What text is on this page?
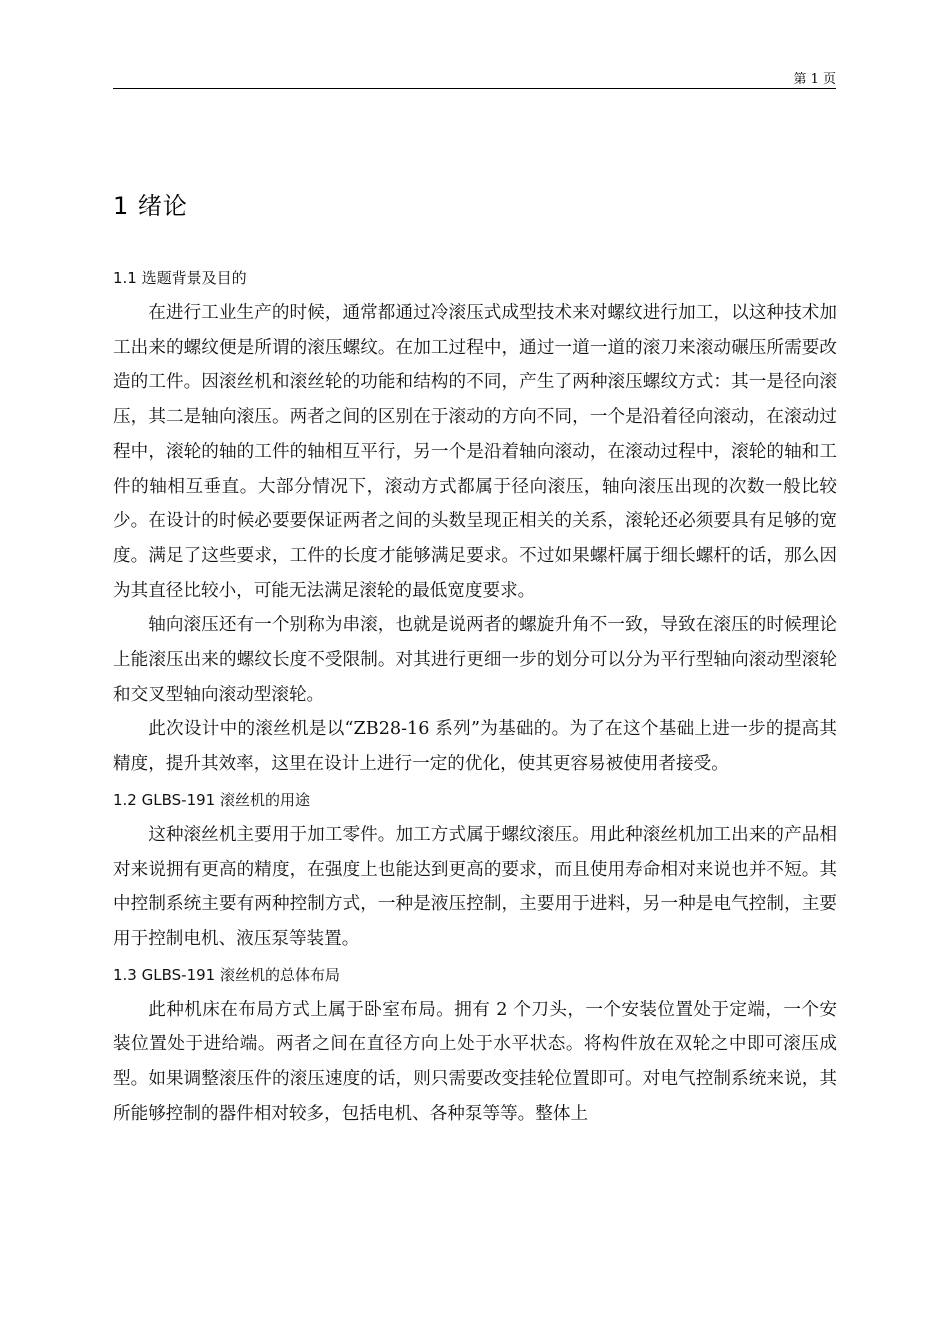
第 1 页
1 绪论
1.1 选题背景及目的

在进行工业生产的时候，通常都通过冷滚压式成型技术来对螺纹进行加工，以这种技术加工出来的螺纹便是所谓的滚压螺纹。在加工过程中，通过一道一道的滚刀来滚动碾压所需要改造的工件。因滚丝机和滚丝轮的功能和结构的不同，产生了两种滚压螺纹方式：其一是径向滚压，其二是轴向滚压。两者之间的区别在于滚动的方向不同，一个是沿着径向滚动，在滚动过程中，滚轮的轴的工件的轴相互平行，另一个是沿着轴向滚动，在滚动过程中，滚轮的轴和工件的轴相互垂直。大部分情况下，滚动方式都属于径向滚压，轴向滚压出现的次数一般比较少。在设计的时候必要要保证两者之间的头数呈现正相关的关系，滚轮还必须要具有足够的宽度。满足了这些要求，工件的长度才能够满足要求。不过如果螺杆属于细长螺杆的话，那么因为其直径比较小，可能无法满足滚轮的最低宽度要求。

轴向滚压还有一个别称为串滚，也就是说两者的螺旋升角不一致，导致在滚压的时候理论上能滚压出来的螺纹长度不受限制。对其进行更细一步的划分可以分为平行型轴向滚动型滚轮和交叉型轴向滚动型滚轮。

此次设计中的滚丝机是以“ZB28-16 系列”为基础的。为了在这个基础上进一步的提高其精度，提升其效率，这里在设计上进行一定的优化，使其更容易被使用者接受。

1.2 GLBS-191 滚丝机的用途

这种滚丝机主要用于加工零件。加工方式属于螺纹滚压。用此种滚丝机加工出来的产品相对来说拥有更高的精度，在强度上也能达到更高的要求，而且使用寿命相对来说也并不短。其中控制系统主要有两种控制方式，一种是液压控制，主要用于进料，另一种是电气控制，主要用于控制电机、液压泵等装置。

1.3 GLBS-191 滚丝机的总体布局

此种机床在布局方式上属于卧室布局。拥有 2 个刀头，一个安装位置处于定端，一个安装位置处于进给端。两者之间在直径方向上处于水平状态。将构件放在双轮之中即可滚压成型。如果调整滚压件的滚压速度的话，则只需要改变挂轮位置即可。对电气控制系统来说，其所能够控制的器件相对较多，包括电机、各种泵等等。整体上
